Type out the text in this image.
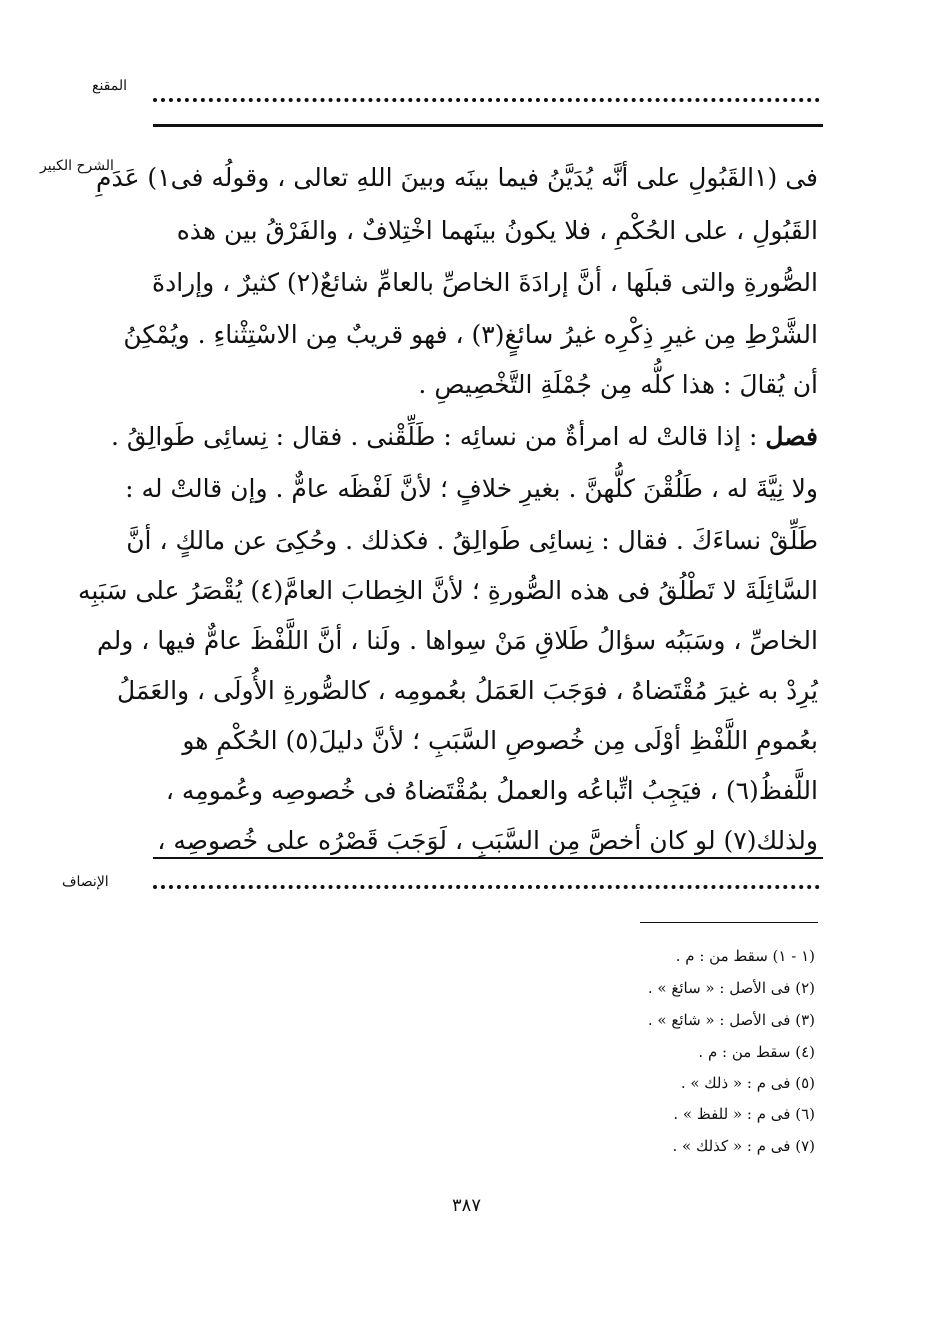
المقنع
الشرح الكبير
فى (١القَبُولِ على أنَّه يُدَيَّنُ فيما بينَه وبينَ اللهِ تعالى ، وقولُه فى١) عَدَمِ
القَبُولِ ، على الحُكْمِ ، فلا يكونُ بينَهما اخْتِلافٌ ، والفَرْقُ بين هذه
الصُّورةِ والتى قبلَها ، أنَّ إرادَةَ الخاصِّ بالعامِّ شائعٌ(٢) كثيرٌ ، وإرادةَ
الشَّرْطِ مِن غيرِ ذِكْرِه غيرُ سائغٍ(٣) ، فهو قريبٌ مِن الاسْتِثْناءِ . ويُمْكِنُ
أن يُقالَ : هذا كلُّه مِن جُمْلَةِ التَّخْصِيصِ .
فصل : إذا قالتْ له امرأةٌ من نسائِه : طَلِّقْنى . فقال : نِسائِى طَوالِقُ .
ولا نِيَّةَ له ، طَلُقْنَ كلُّهنَّ . بغيرِ خلافٍ ؛ لأنَّ لَفْظَه عامٌّ . وإن قالتْ له :
طَلِّقْ نساءَكَ . فقال : نِسائِى طَوالِقُ . فكذلك . وحُكِىَ عن مالكٍ ، أنَّ
السَّائِلَةَ لا تَطْلُقُ فى هذه الصُّورةِ ؛ لأنَّ الخِطابَ العامَّ(٤) يُقْصَرُ على سَبَبِه
الخاصِّ ، وسَبَبُه سؤالُ طَلاقِ مَنْ سِواها . ولَنا ، أنَّ اللَّفْظَ عامٌّ فيها ، ولم
يُرِدْ به غيرَ مُقْتَضاهُ ، فوَجَبَ العَمَلُ بعُمومِه ، كالصُّورةِ الأُولَى ، والعَمَلُ
بعُمومِ اللَّفْظِ أوْلَى مِن خُصوصِ السَّبَبِ ؛ لأنَّ دليلَ(٥) الحُكْمِ هو
اللَّفظُ(٦) ، فيَجِبُ اتِّباعُه والعملُ بمُقْتَضاهُ فى خُصوصِه وعُمومِه ،
ولذلك(٧) لو كان أخصَّ مِن السَّبَبِ ، لَوَجَبَ قَصْرُه على خُصوصِه ،
الإنصاف
(١ - ١) سقط من : م .
(٢) فى الأصل : « سائغ » .
(٣) فى الأصل : « شائع » .
(٤) سقط من : م .
(٥) فى م : « ذلك » .
(٦) فى م : « للفظ » .
(٧) فى م : « كذلك » .
٣٨٧
